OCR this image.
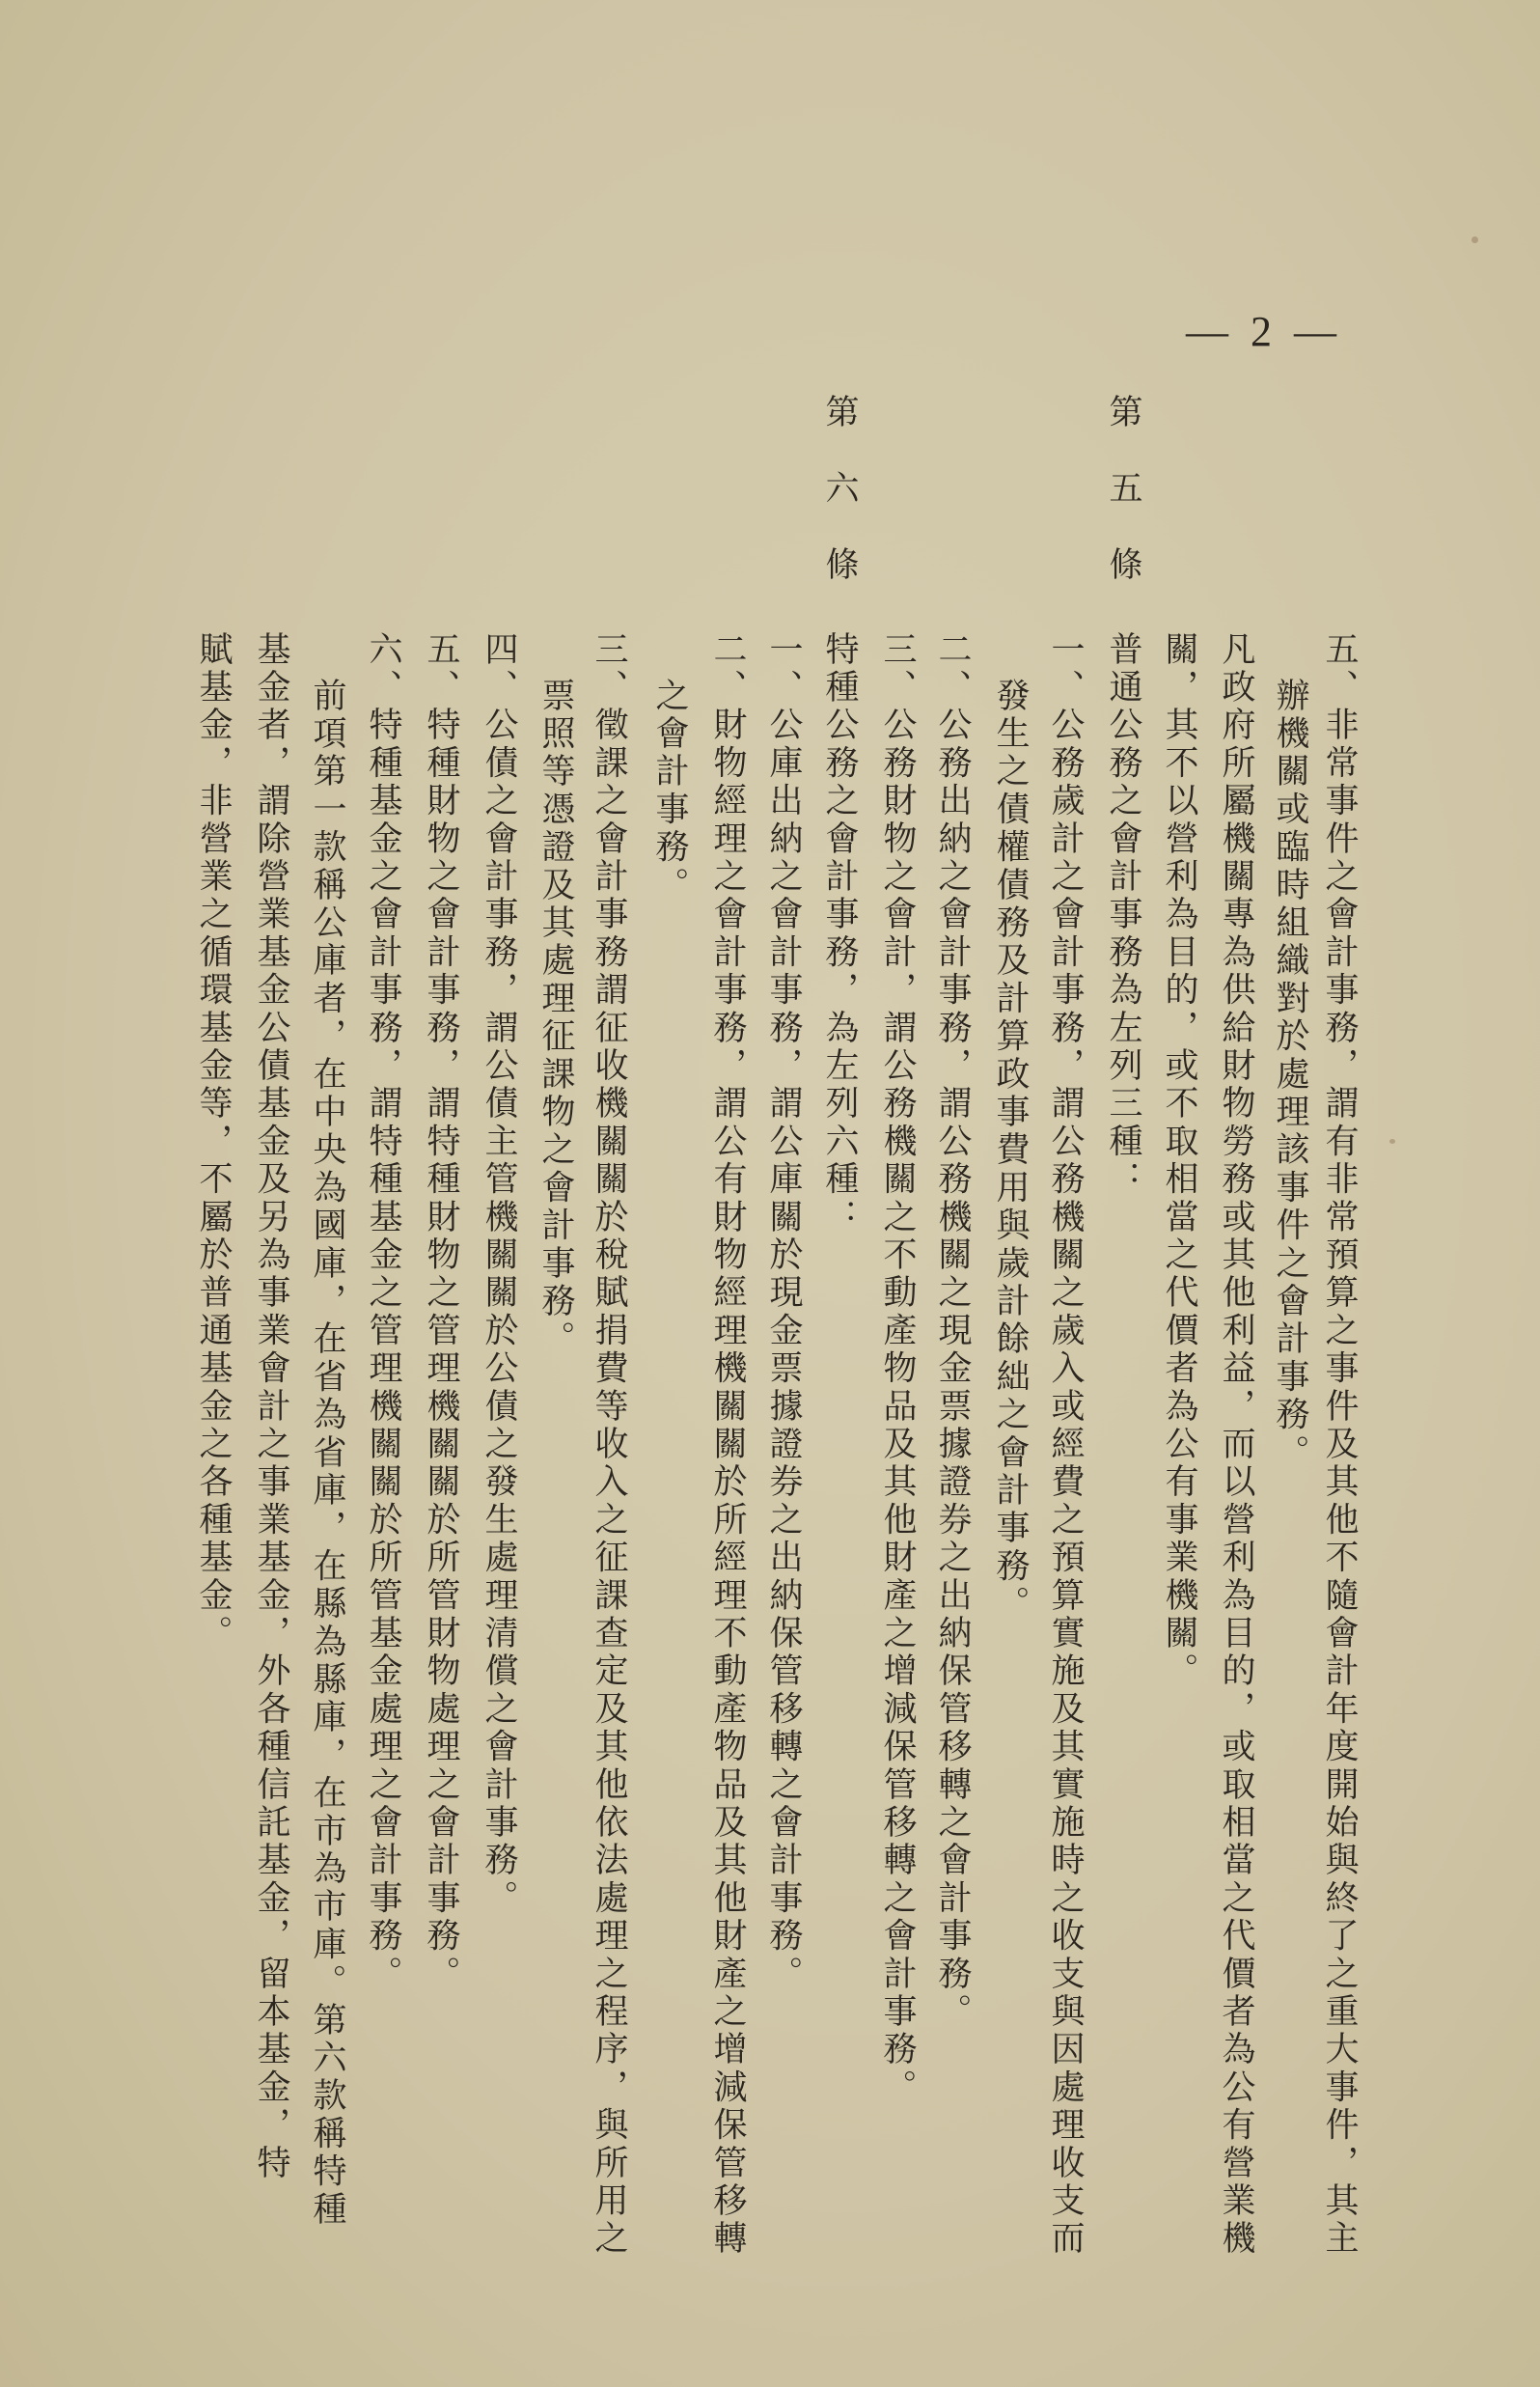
— 2 —
五、非常事件之會計事務，謂有非常預算之事件及其他不隨會計年度開始與終了之重大事件，其主
辦機關或臨時組織對於處理該事件之會計事務。
凡政府所屬機關專為供給財物勞務或其他利益，而以營利為目的，或取相當之代價者為公有營業機
關，其不以營利為目的，或不取相當之代價者為公有事業機關。
第五條
普通公務之會計事務為左列三種：
一、公務歲計之會計事務，謂公務機關之歲入或經費之預算實施及其實施時之收支與因處理收支而
發生之債權債務及計算政事費用與歲計餘絀之會計事務。
二、公務出納之會計事務，謂公務機關之現金票據證券之出納保管移轉之會計事務。
三、公務財物之會計，謂公務機關之不動產物品及其他財產之增減保管移轉之會計事務。
第六條
特種公務之會計事務，為左列六種：
一、公庫出納之會計事務，謂公庫關於現金票據證券之出納保管移轉之會計事務。
二、財物經理之會計事務，謂公有財物經理機關關於所經理不動產物品及其他財產之增減保管移轉
之會計事務。
三、徵課之會計事務謂征收機關關於稅賦捐費等收入之征課查定及其他依法處理之程序，與所用之
票照等憑證及其處理征課物之會計事務。
四、公債之會計事務，謂公債主管機關關於公債之發生處理清償之會計事務。
五、特種財物之會計事務，謂特種財物之管理機關關於所管財物處理之會計事務。
六、特種基金之會計事務，謂特種基金之管理機關關於所管基金處理之會計事務。
前項第一款稱公庫者，在中央為國庫，在省為省庫，在縣為縣庫，在市為市庫。第六款稱特種
基金者，謂除營業基金公債基金及另為事業會計之事業基金，外各種信託基金，留本基金，特
賦基金，非營業之循環基金等，不屬於普通基金之各種基金。
